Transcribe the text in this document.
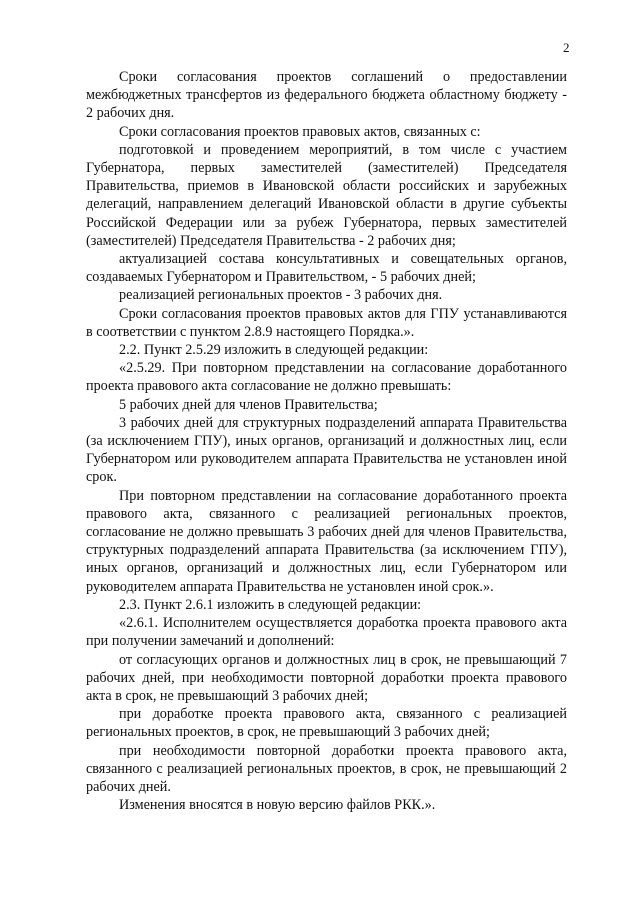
2

Сроки согласования проектов соглашений о предоставлении межбюджетных трансфертов из федерального бюджета областному бюджету - 2 рабочих дня.

Сроки согласования проектов правовых актов, связанных с:

подготовкой и проведением мероприятий, в том числе с участием Губернатора, первых заместителей (заместителей) Председателя Правительства, приемов в Ивановской области российских и зарубежных делегаций, направлением делегаций Ивановской области в другие субъекты Российской Федерации или за рубеж Губернатора, первых заместителей (заместителей) Председателя Правительства - 2 рабочих дня;

актуализацией состава консультативных и совещательных органов, создаваемых Губернатором и Правительством, - 5 рабочих дней;

реализацией региональных проектов - 3 рабочих дня.

Сроки согласования проектов правовых актов для ГПУ устанавливаются в соответствии с пунктом 2.8.9 настоящего Порядка.».

2.2. Пункт 2.5.29 изложить в следующей редакции:

«2.5.29. При повторном представлении на согласование доработанного проекта правового акта согласование не должно превышать:

5 рабочих дней для членов Правительства;

3 рабочих дней для структурных подразделений аппарата Правительства (за исключением ГПУ), иных органов, организаций и должностных лиц, если Губернатором или руководителем аппарата Правительства не установлен иной срок.

При повторном представлении на согласование доработанного проекта правового акта, связанного с реализацией региональных проектов, согласование не должно превышать 3 рабочих дней для членов Правительства, структурных подразделений аппарата Правительства (за исключением ГПУ), иных органов, организаций и должностных лиц, если Губернатором или руководителем аппарата Правительства не установлен иной срок.».

2.3. Пункт 2.6.1 изложить в следующей редакции:

«2.6.1. Исполнителем осуществляется доработка проекта правового акта при получении замечаний и дополнений:

от согласующих органов и должностных лиц в срок, не превышающий 7 рабочих дней, при необходимости повторной доработки проекта правового акта в срок, не превышающий 3 рабочих дней;

при доработке проекта правового акта, связанного с реализацией региональных проектов, в срок, не превышающий 3 рабочих дней;

при необходимости повторной доработки проекта правового акта, связанного с реализацией региональных проектов, в срок, не превышающий 2 рабочих дней.

Изменения вносятся в новую версию файлов РКК.».
